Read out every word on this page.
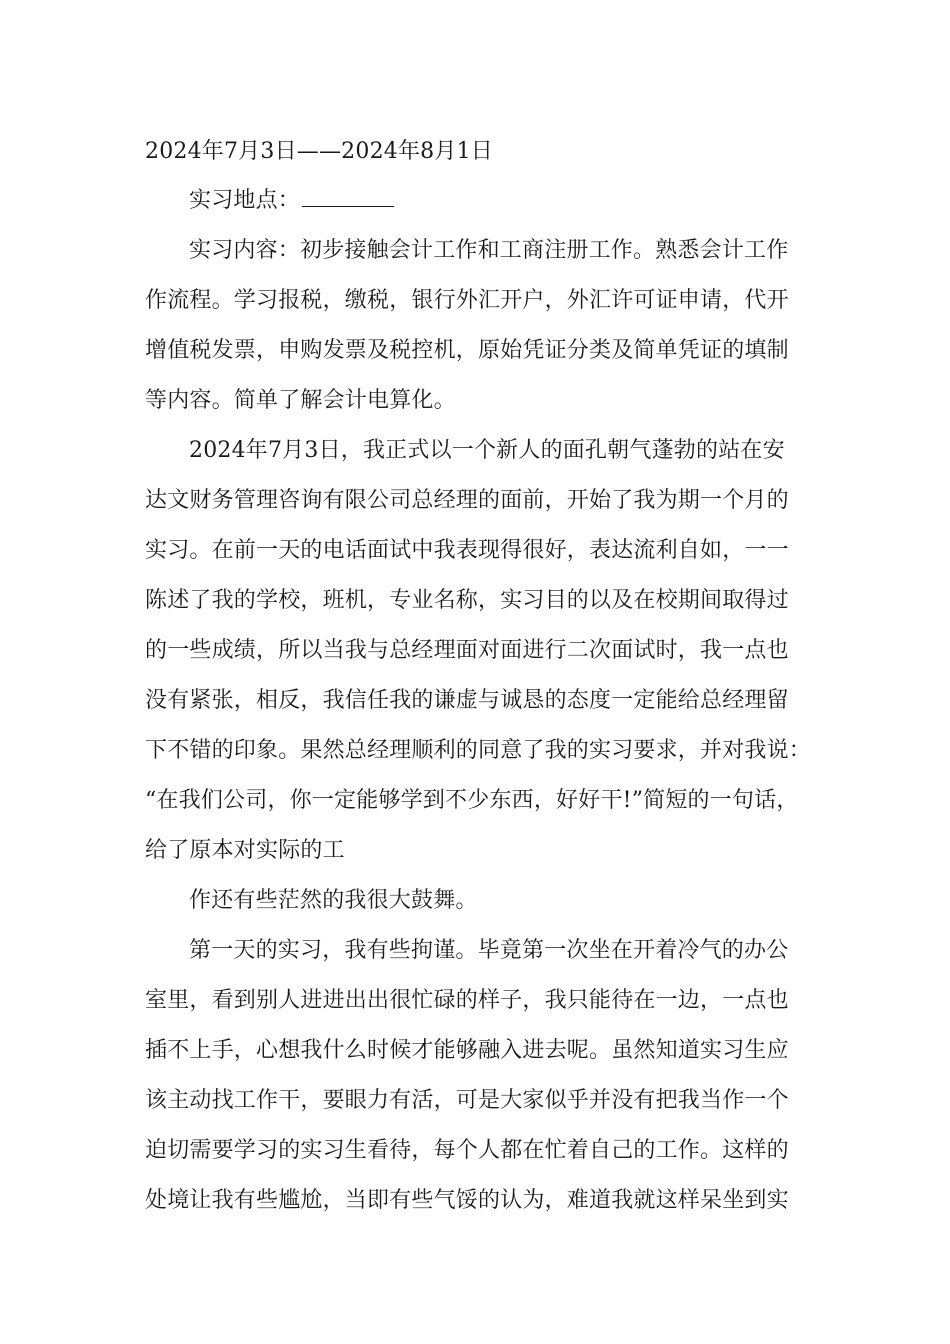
2024年7月3日——2024年8月1日
实习地点：
实习内容：初步接触会计工作和工商注册工作。熟悉会计工作
作流程。学习报税，缴税，银行外汇开户，外汇许可证申请，代开
增值税发票，申购发票及税控机，原始凭证分类及简单凭证的填制
等内容。简单了解会计电算化。
2024年7月3日，我正式以一个新人的面孔朝气蓬勃的站在安
达文财务管理咨询有限公司总经理的面前，开始了我为期一个月的
实习。在前一天的电话面试中我表现得很好，表达流利自如，一一
陈述了我的学校，班机，专业名称，实习目的以及在校期间取得过
的一些成绩，所以当我与总经理面对面进行二次面试时，我一点也
没有紧张，相反，我信任我的谦虚与诚恳的态度一定能给总经理留
下不错的印象。果然总经理顺利的同意了我的实习要求，并对我说：
“在我们公司，你一定能够学到不少东西，好好干!”简短的一句话，
给了原本对实际的工
作还有些茫然的我很大鼓舞。
第一天的实习，我有些拘谨。毕竟第一次坐在开着冷气的办公
室里，看到别人进进出出很忙碌的样子，我只能待在一边，一点也
插不上手，心想我什么时候才能够融入进去呢。虽然知道实习生应
该主动找工作干，要眼力有活，可是大家似乎并没有把我当作一个
迫切需要学习的实习生看待，每个人都在忙着自己的工作。这样的
处境让我有些尴尬，当即有些气馁的认为，难道我就这样呆坐到实
